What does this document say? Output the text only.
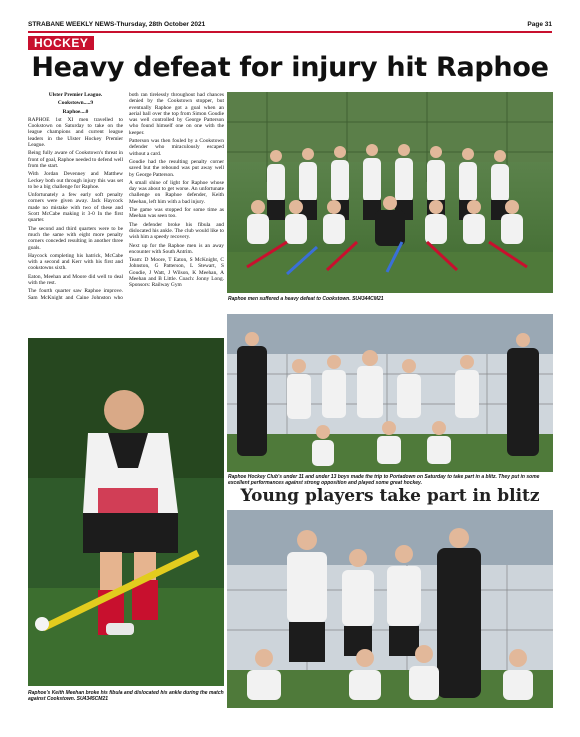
STRABANE WEEKLY NEWS-Thursday, 28th October 2021	Page 31
HOCKEY
Heavy defeat for injury hit Raphoe

Ulster Premier League.

Cookstown.....9

Raphoe....0

RAPHOE 1st XI men travelled to Cookstown on Saturday to take on the league champions and current league leaders in the Ulster Hockey Premier League.

Being fully aware of Cookstown's threat in front of goal, Raphoe needed to defend well from the start.

With Jordan Devenney and Matthew Leckey both out through injury this was set to be a big challenge for Raphoe.

Unfortunately a few early soft penalty corners were given away. Jack Haycock made no mistake with two of these and Scott McCabe making it 3-0 In the first quarter.

The second and third quarters were to be much the same with eight more penalty corners conceded resulting in another three goals.

Haycock completing his hatrick, McCabe with a second and Kerr with his first and cookstowns sixth.

Eaton, Meehan and Moore did well to deal with the rest.

The fourth quarter saw Raphoe improve. Sam McKnight and Caine Johnston who both ran tirelessly throughout had chances denied by the Cookstown stopper, but eventually Raphoe got a goal when an aerial ball over the top from Simon Goudie was well controlled by George Patterson who found himself one on one with the keeper.

Patterson was then fouled by a Cookstown defender who miraculously escaped without a card.

Goudie had the resulting penalty corner saved but the rebound was put away well by George Patterson.

A small shine of light for Raphoe whose day was about to get worse. An unfortunate challenge on Raphoe defender, Keith Meehan, left him with a bad injury.

The game was stopped for some time as Meehan was seen too.

The defender broke his fibula and dislocated his ankle. The club would like to wish him a speedy recovery.

Next up for the Raphoe men is an away encounter with South Antrim.

Team: D Moore, T Eaton, S McKnight, C Johnston, G Patterson, L Stewart, S Goudie, J Watt, J Wilson, K Meehan, A Meehan and B Little. Coach: Jonny Long. Sponsors: Railway Gym

Raphoe men suffered a heavy defeat to Cookstown. SU4344CM21
Raphoe's Keith Meehan broke his fibula and dislocated his ankle during the match against Cookstown. SU4345CM21
Raphoe Hockey Club's under 11 and under 13 boys made the trip to Portadown on Saturday to take part in a blitz. They put in some excellent performances against strong opposition and played some great hockey.
Young players take part in blitz
